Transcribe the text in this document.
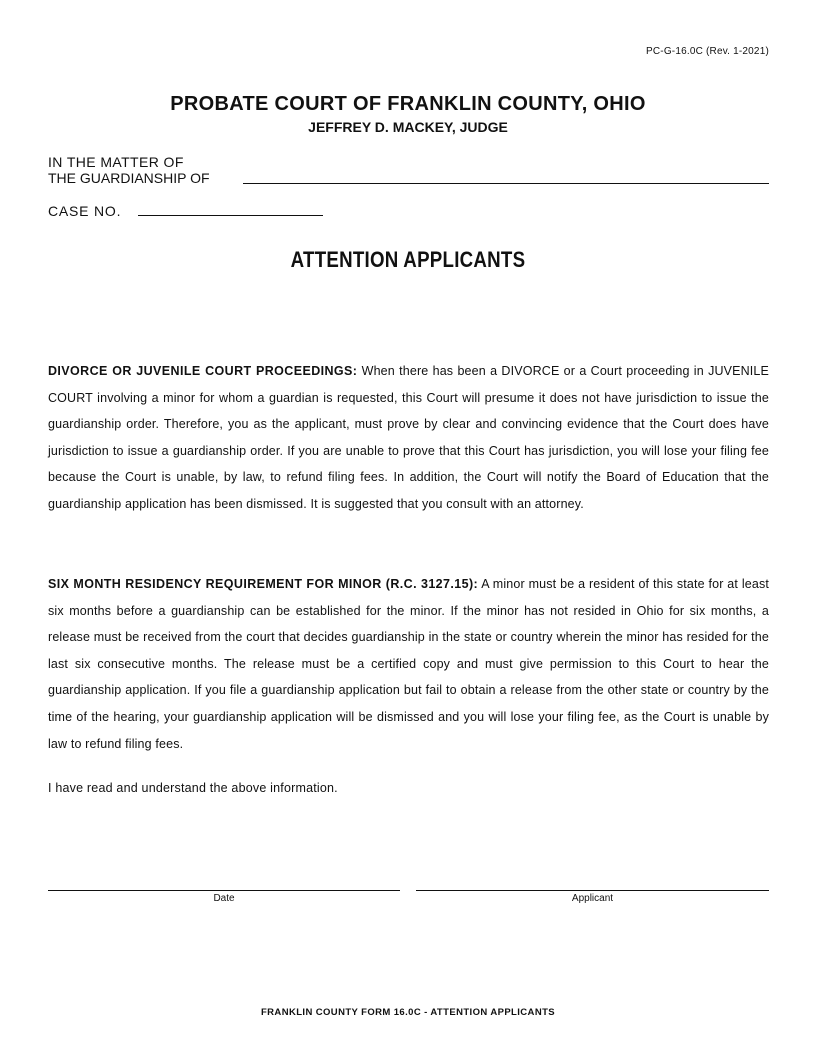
PC-G-16.0C (Rev. 1-2021)
PROBATE COURT OF FRANKLIN COUNTY, OHIO
JEFFREY D. MACKEY, JUDGE
IN THE MATTER OF
THE GUARDIANSHIP OF
CASE NO.
ATTENTION APPLICANTS
DIVORCE OR JUVENILE COURT PROCEEDINGS: When there has been a DIVORCE or a Court proceeding in JUVENILE COURT involving a minor for whom a guardian is requested, this Court will presume it does not have jurisdiction to issue the guardianship order. Therefore, you as the applicant, must prove by clear and convincing evidence that the Court does have jurisdiction to issue a guardianship order. If you are unable to prove that this Court has jurisdiction, you will lose your filing fee because the Court is unable, by law, to refund filing fees. In addition, the Court will notify the Board of Education that the guardianship application has been dismissed. It is suggested that you consult with an attorney.
SIX MONTH RESIDENCY REQUIREMENT FOR MINOR (R.C. 3127.15): A minor must be a resident of this state for at least six months before a guardianship can be established for the minor. If the minor has not resided in Ohio for six months, a release must be received from the court that decides guardianship in the state or country wherein the minor has resided for the last six consecutive months. The release must be a certified copy and must give permission to this Court to hear the guardianship application. If you file a guardianship application but fail to obtain a release from the other state or country by the time of the hearing, your guardianship application will be dismissed and you will lose your filing fee, as the Court is unable by law to refund filing fees.
I have read and understand the above information.
Date	Applicant
FRANKLIN COUNTY FORM 16.0C - ATTENTION APPLICANTS
